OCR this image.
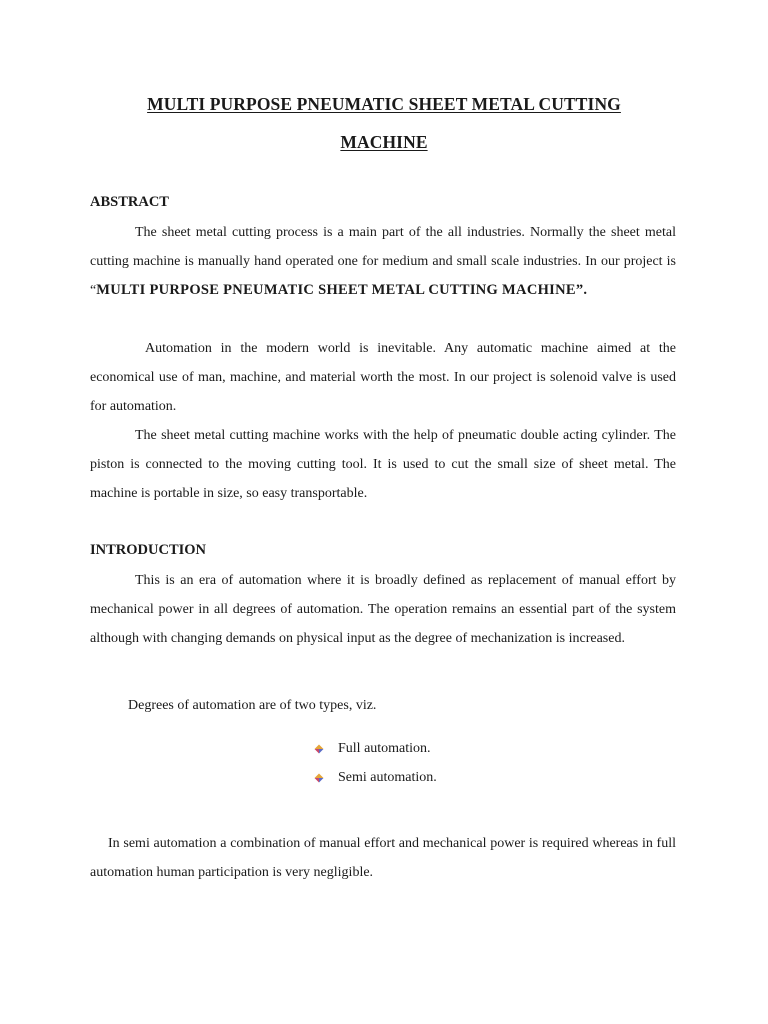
MULTI PURPOSE PNEUMATIC SHEET METAL CUTTING
MACHINE
ABSTRACT

The sheet metal cutting process is a main part of the all industries. Normally the sheet metal cutting machine is manually hand operated one for medium and small scale industries. In our project is “MULTI PURPOSE PNEUMATIC SHEET METAL CUTTING MACHINE”.

Automation in the modern world is inevitable. Any automatic machine aimed at the economical use of man, machine, and material worth the most. In our project is solenoid valve is used for automation.

The sheet metal cutting machine works with the help of pneumatic double acting cylinder. The piston is connected to the moving cutting tool. It is used to cut the small size of sheet metal. The machine is portable in size, so easy transportable.

INTRODUCTION

This is an era of automation where it is broadly defined as replacement of manual effort by mechanical power in all degrees of automation. The operation remains an essential part of the system although with changing demands on physical input as the degree of mechanization is increased.

Degrees of automation are of two types, viz.
Full automation.
Semi automation.

In semi automation a combination of manual effort and mechanical power is required whereas in full automation human participation is very negligible.
